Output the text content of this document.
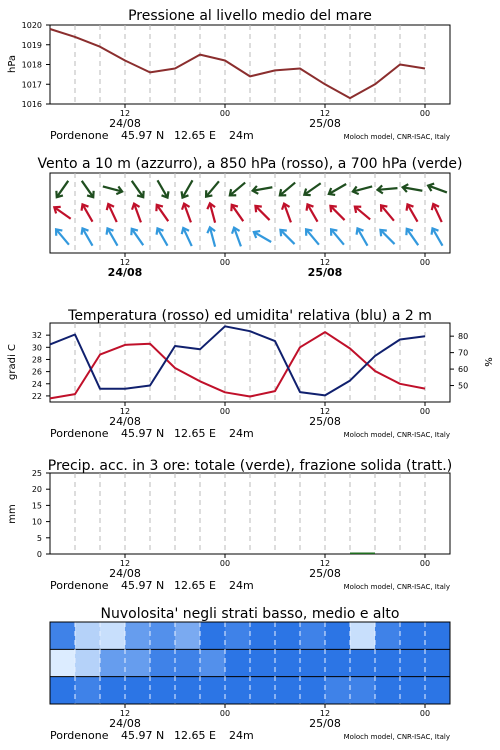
Pressione al livello medio del mare
hPa
1016
1017
1018
1019
1020
12	00	12	00
24/08	25/08
Pordenone 45.97 N 12.65 E 24m	Moloch model, CNR-ISAC, Italy
Vento a 10 m (azzurro), a 850 hPa (rosso), a 700 hPa (verde)
12	00	12	00
24/08	25/08
Temperatura (rosso) ed umidita' relativa (blu) a 2 m
gradi C	%
22
24
26
28
30
32
50
60
70
80
12	00	12	00
24/08	25/08
Pordenone 45.97 N 12.65 E 24m	Moloch model, CNR-ISAC, Italy
Precip. acc. in 3 ore: totale (verde), frazione solida (tratt.)
mm
0
5
10
15
20
25
12	00	12	00
24/08	25/08
Pordenone 45.97 N 12.65 E 24m	Moloch model, CNR-ISAC, Italy
Nuvolosita' negli strati basso, medio e alto
12	00	12	00
24/08	25/08
Pordenone 45.97 N 12.65 E 24m	Moloch model, CNR-ISAC, Italy
